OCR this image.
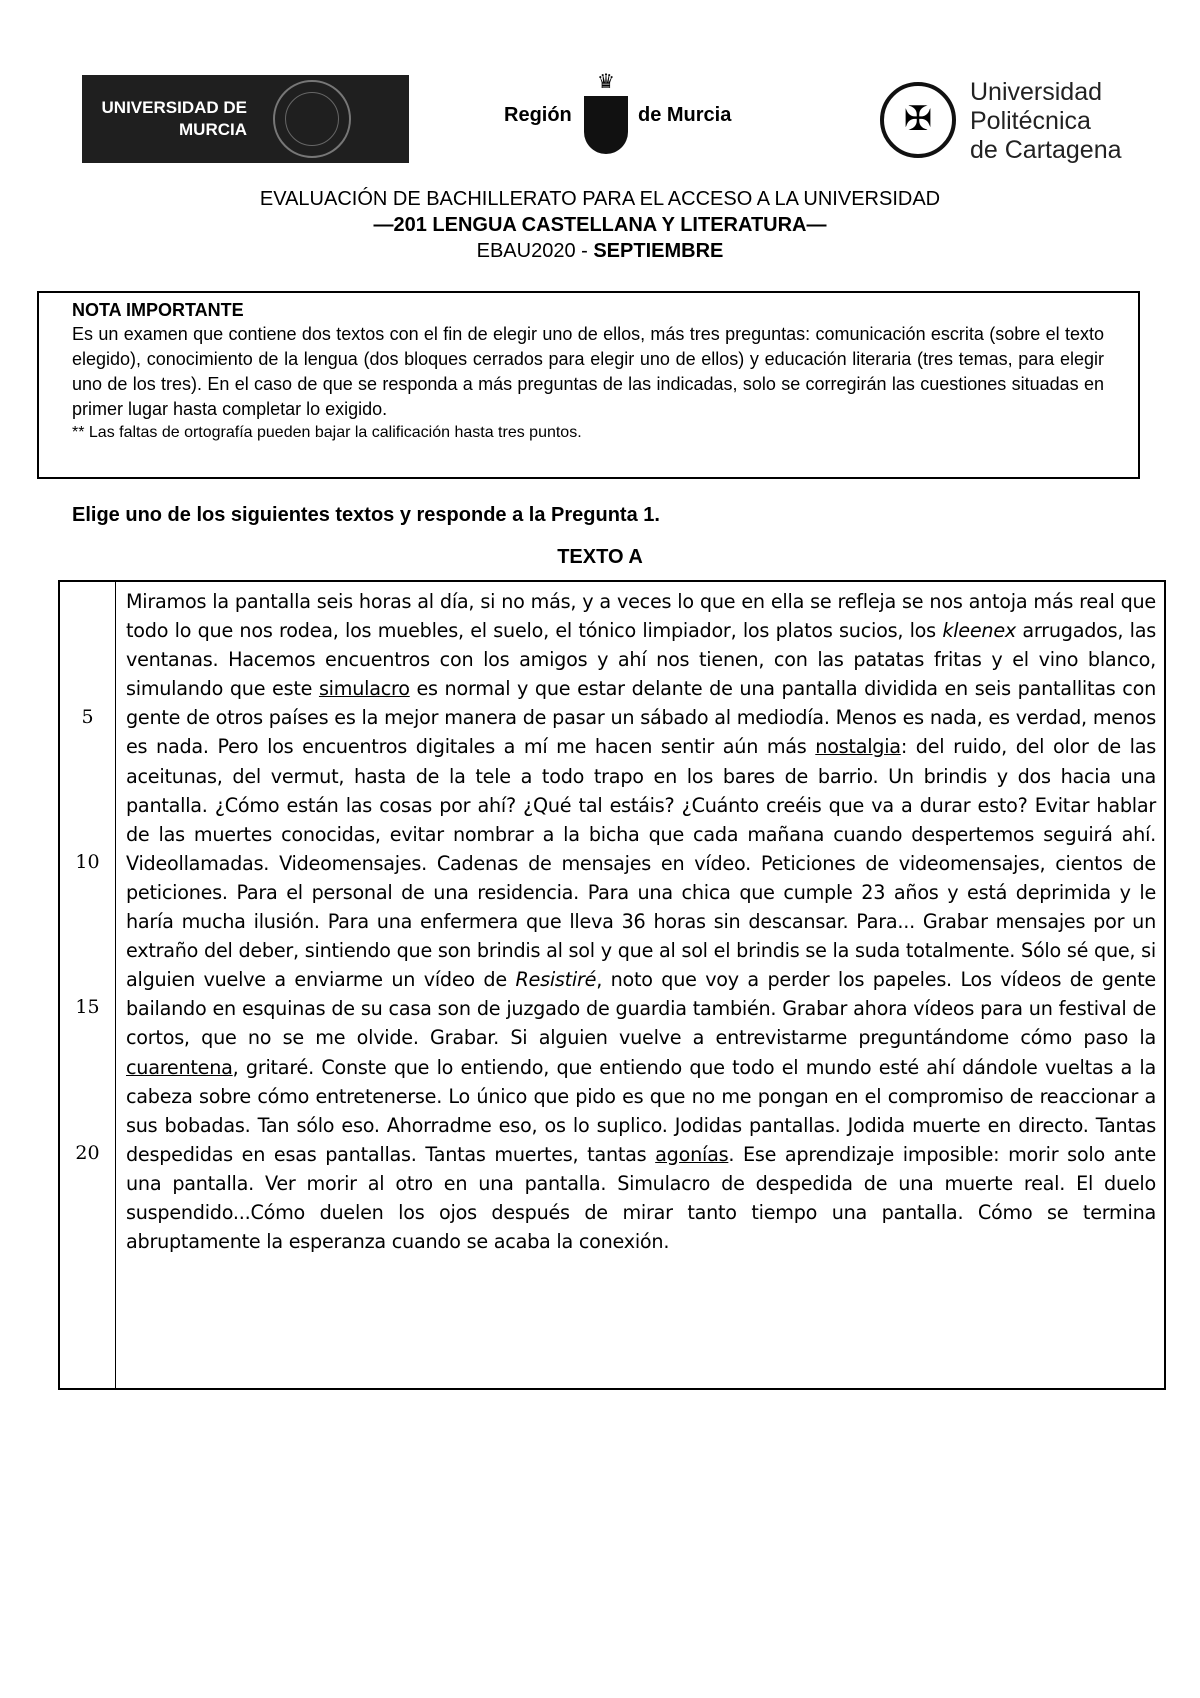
UNIVERSIDAD DE
MURCIA
Región
♛
de Murcia	✠
Universidad
Politécnica
de Cartagena
EVALUACIÓN DE BACHILLERATO PARA EL ACCESO A LA UNIVERSIDAD
—201 LENGUA CASTELLANA Y LITERATURA—
EBAU2020 - SEPTIEMBRE
NOTA IMPORTANTE

Es un examen que contiene dos textos con el fin de elegir uno de ellos, más tres preguntas: comunicación escrita (sobre el texto elegido), conocimiento de la lengua (dos bloques cerrados para elegir uno de ellos) y educación literaria (tres temas, para elegir uno de los tres). En el caso de que se responda a más preguntas de las indicadas, solo se corregirán las cuestiones situadas en primer lugar hasta completar lo exigido.

** Las faltas de ortografía pueden bajar la calificación hasta tres puntos.

Elige uno de los siguientes textos y responde a la Pregunta 1.
TEXTO A
5
10
15
20
Miramos la pantalla seis horas al día, si no más, y a veces lo que en ella se refleja se nos antoja más real que todo lo que nos rodea, los muebles, el suelo, el tónico limpiador, los platos sucios, los kleenex arrugados, las ventanas. Hacemos encuentros con los amigos y ahí nos tienen, con las patatas fritas y el vino blanco, simulando que este simulacro es normal y que estar delante de una pantalla dividida en seis pantallitas con gente de otros países es la mejor manera de pasar un sábado al mediodía. Menos es nada, es verdad, menos es nada. Pero los encuentros digitales a mí me hacen sentir aún más nostalgia: del ruido, del olor de las aceitunas, del vermut, hasta de la tele a todo trapo en los bares de barrio. Un brindis y dos hacia una pantalla. ¿Cómo están las cosas por ahí? ¿Qué tal estáis? ¿Cuánto creéis que va a durar esto? Evitar hablar de las muertes conocidas, evitar nombrar a la bicha que cada mañana cuando despertemos seguirá ahí. Videollamadas. Videomensajes. Cadenas de mensajes en vídeo. Peticiones de videomensajes, cientos de peticiones. Para el personal de una residencia. Para una chica que cumple 23 años y está deprimida y le haría mucha ilusión. Para una enfermera que lleva 36 horas sin descansar. Para... Grabar mensajes por un extraño del deber, sintiendo que son brindis al sol y que al sol el brindis se la suda totalmente. Sólo sé que, si alguien vuelve a enviarme un vídeo de Resistiré, noto que voy a perder los papeles. Los vídeos de gente bailando en esquinas de su casa son de juzgado de guardia también. Grabar ahora vídeos para un festival de cortos, que no se me olvide. Grabar. Si alguien vuelve a entrevistarme preguntándome cómo paso la cuarentena, gritaré. Conste que lo entiendo, que entiendo que todo el mundo esté ahí dándole vueltas a la cabeza sobre cómo entretenerse. Lo único que pido es que no me pongan en el compromiso de reaccionar a sus bobadas. Tan sólo eso. Ahorradme eso, os lo suplico. Jodidas pantallas. Jodida muerte en directo. Tantas despedidas en esas pantallas. Tantas muertes, tantas agonías. Ese aprendizaje imposible: morir solo ante una pantalla. Ver morir al otro en una pantalla. Simulacro de despedida de una muerte real. El duelo suspendido...Cómo duelen los ojos después de mirar tanto tiempo una pantalla. Cómo se termina abruptamente la esperanza cuando se acaba la conexión.
